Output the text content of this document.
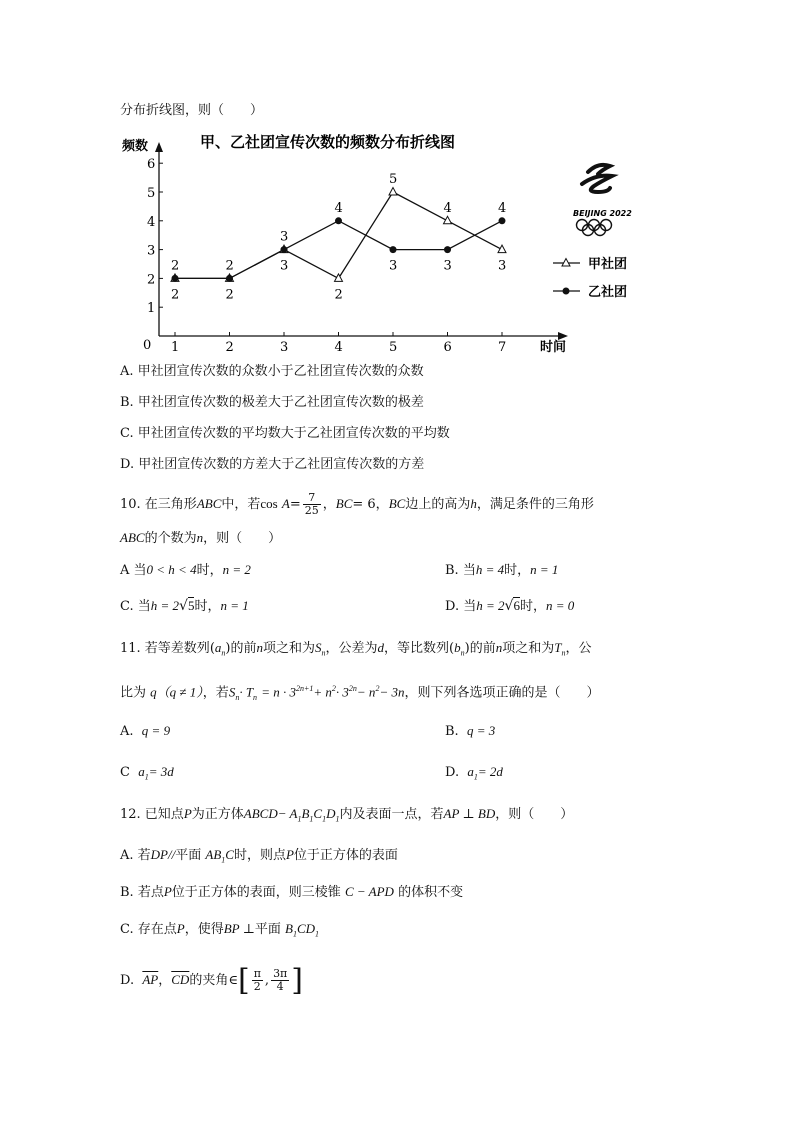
分布折线图，则（　　）
甲、乙社团宣传次数的频数分布折线图
频数
时间
0
1
2
3
4
5
6
1	2	3	4	5	6	7
2
2
2
2
3
3
4
2
5
3
4
3
4
3	甲社团
乙社团
BEIJING 2022
A. 甲社团宣传次数的众数小于乙社团宣传次数的众数
B. 甲社团宣传次数的极差大于乙社团宣传次数的极差
C. 甲社团宣传次数的平均数大于乙社团宣传次数的平均数
D. 甲社团宣传次数的方差大于乙社团宣传次数的方差
10. 在三角形ABC中，若$\cos A= \frac{7}{25}$ ，BC= 6，BC边上的高为h，满足条件的三角形
ABC的个数为n，则（　　）
A 当0 < h < 4时，n = 2	B. 当h = 4时，n = 1
C. 当h = 2√5时，n = 1	D. 当h = 2√6时，n = 0
11. 若等差数列$(a_n)$的前n项之和为$S_n$，公差为d，等比数列$(b_n)$的前n项之和为$T_n$，公
比为 q（q ≠ 1），若$S_n\cdot T_n = n \cdot 3^{2n+1}+ n^2\cdot 3^{2n}- n^2- 3n$，则下列各选项正确的是（　　）
A. q = 9	B. q = 3
C $a_1= 3d$	D. $a_1= 2d$
12. 已知点P为正方体ABCD− $A_1B_1C_1D_1$内及表面一点，若AP ⊥ BD，则（　　）
A. 若DP//平面 $AB_1C$时，则点P位于正方体的表面
B. 若点P位于正方体的表面，则三棱锥 C − APD 的体积不变
C. 存在点P，使得BP ⊥平面 $B_1CD_1$
D. $\overline{AP}$，$\overline{CD}$的夹角∈[ $\frac{\pi}{2}$ , $\frac{3\pi}{4}$ ]
